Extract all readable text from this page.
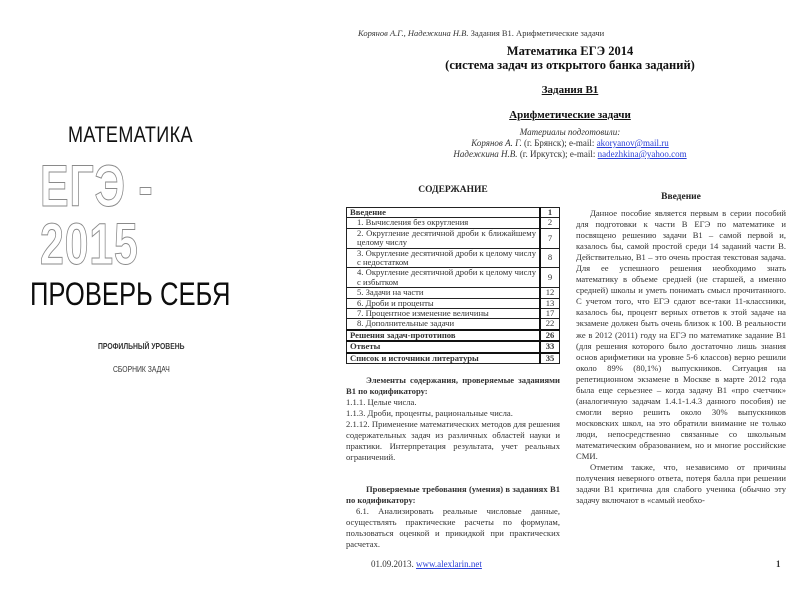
МАТЕМАТИКА
ЕГЭ - 2015
ПРОВЕРЬ СЕБЯ
ПРОФИЛЬНЫЙ УРОВЕНЬ
СБОРНИК ЗАДАЧ
Корянов А.Г., Надежкина Н.В. Задания B1. Арифметические задачи
Математика ЕГЭ 2014
(система задач из открытого банка заданий)
Задания B1
Арифметические задачи
Материалы подготовили:
Корянов А. Г. (г. Брянск); e-mail: akoryanov@mail.ru
Надежкина Н.В. (г. Иркутск); e-mail: nadezhkina@yahoo.com
СОДЕРЖАНИЕ
Введение	1
1. Вычисления без округления	2
2. Округление десятичной дроби к ближайшему целому числу	7
3. Округление десятичной дроби к целому числу с недостатком	8
4. Округление десятичной дроби к целому числу с избытком	9
5. Задачи на части	12
6. Дроби и проценты	13
7. Процентное изменение величины	17
8. Дополнительные задачи	22
Решения задач-прототипов	26
Ответы	33
Список и источники литературы	35
Элементы содержания, проверяемые заданиями B1 по кодификатору:
1.1.1. Целые числа.
1.1.3. Дроби, проценты, рациональные числа.
2.1.12. Применение математических методов для решения содержательных задач из различных областей науки и практики. Интерпретация результата, учет реальных ограничений.
Проверяемые требования (умения) в заданиях B1 по кодификатору:
6.1. Анализировать реальные числовые данные, осуществлять практические расчеты по формулам, пользоваться оценкой и прикидкой при практических расчетах.
01.09.2013. www.alexlarin.net
Введение

Данное пособие является первым в серии пособий для подготовки к части B ЕГЭ по математике и посвящено решению задачи B1 – самой первой и, казалось бы, самой простой среди 14 заданий части B. Действительно, B1 – это очень простая текстовая задача. Для ее успешного решения необходимо знать математику в объеме средней (не старшей, а именно средней) школы и уметь понимать смысл прочитанного. С учетом того, что ЕГЭ сдают все-таки 11-классники, казалось бы, процент верных ответов к этой задаче на экзамене должен быть очень близок к 100. В реальности же в 2012 (2011) году на ЕГЭ по математике задание B1 (для решения которого было достаточно лишь знания основ арифметики на уровне 5-6 классов) верно решили около 89% (80,1%) выпускников. Ситуация на репетиционном экзамене в Москве в марте 2012 года была еще серьезнее – когда задачу B1 «про счетчик» (аналогичную задачам 1.4.1-1.4.3 данного пособия) не смогли верно решить около 30% выпускников московских школ, на это обратили внимание не только люди, непосредственно связанные со школьным математическим образованием, но и многие российские СМИ.

Отметим также, что, независимо от причины получения неверного ответа, потеря балла при решении задачи B1 критична для слабого ученика (обычно эту задачу включают в «самый необхо-

1
